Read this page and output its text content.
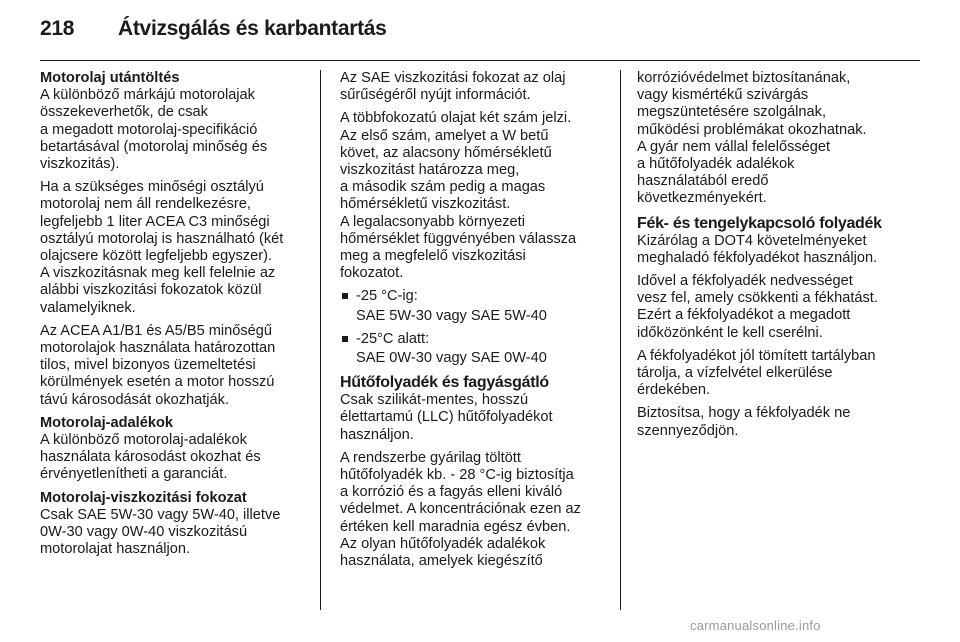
218 Átvizsgálás és karbantartás
Motorolaj utántöltés

A különböző márkájú motorolajak
összekeverhetők, de csak
a megadott motorolaj-specifikáció
betartásával (motorolaj minőség és
viszkozitás).

Ha a szükséges minőségi osztályú
motorolaj nem áll rendelkezésre,
legfeljebb 1 liter ACEA C3 minőségi
osztályú motorolaj is használható (két
olajcsere között legfeljebb egyszer).
A viszkozitásnak meg kell felelnie az
alábbi viszkozitási fokozatok közül
valamelyiknek.

Az ACEA A1/B1 és A5/B5 minőségű
motorolajok használata határozottan
tilos, mivel bizonyos üzemeltetési
körülmények esetén a motor hosszú
távú károsodását okozhatják.

Motorolaj-adalékok

A különböző motorolaj-adalékok
használata károsodást okozhat és
érvényetlenítheti a garanciát.

Motorolaj-viszkozitási fokozat

Csak SAE 5W-30 vagy 5W-40, illetve
0W-30 vagy 0W-40 viszkozitású
motorolajat használjon.

Az SAE viszkozitási fokozat az olaj
sűrűségéről nyújt információt.

A többfokozatú olajat két szám jelzi.
Az első szám, amelyet a W betű
követ, az alacsony hőmérsékletű
viszkozitást határozza meg,
a második szám pedig a magas
hőmérsékletű viszkozitást.
A legalacsonyabb környezeti
hőmérséklet függvényében válassza
meg a megfelelő viszkozitási
fokozatot.

-25 °C-ig:

SAE 5W-30 vagy SAE 5W-40

-25°C alatt:

SAE 0W-30 vagy SAE 0W-40

Hűtőfolyadék és fagyásgátló

Csak szilikát-mentes, hosszú
élettartamú (LLC) hűtőfolyadékot
használjon.

A rendszerbe gyárilag töltött
hűtőfolyadék kb. - 28 °C-ig biztosítja
a korrózió és a fagyás elleni kiváló
védelmet. A koncentrációnak ezen az
értéken kell maradnia egész évben.
Az olyan hűtőfolyadék adalékok
használata, amelyek kiegészítő

korrózióvédelmet biztosítanának,
vagy kismértékű szivárgás
megszüntetésére szolgálnak,
működési problémákat okozhatnak.
A gyár nem vállal felelősséget
a hűtőfolyadék adalékok
használatából eredő
következményekért.

Fék- és tengelykapcsoló folyadék

Kizárólag a DOT4 követelményeket
meghaladó fékfolyadékot használjon.

Idővel a fékfolyadék nedvességet
vesz fel, amely csökkenti a fékhatást.
Ezért a fékfolyadékot a megadott
időközönként le kell cserélni.

A fékfolyadékot jól tömített tartályban
tárolja, a vízfelvétel elkerülése
érdekében.

Biztosítsa, hogy a fékfolyadék ne
szennyeződjön.

carmanualsonline.info
